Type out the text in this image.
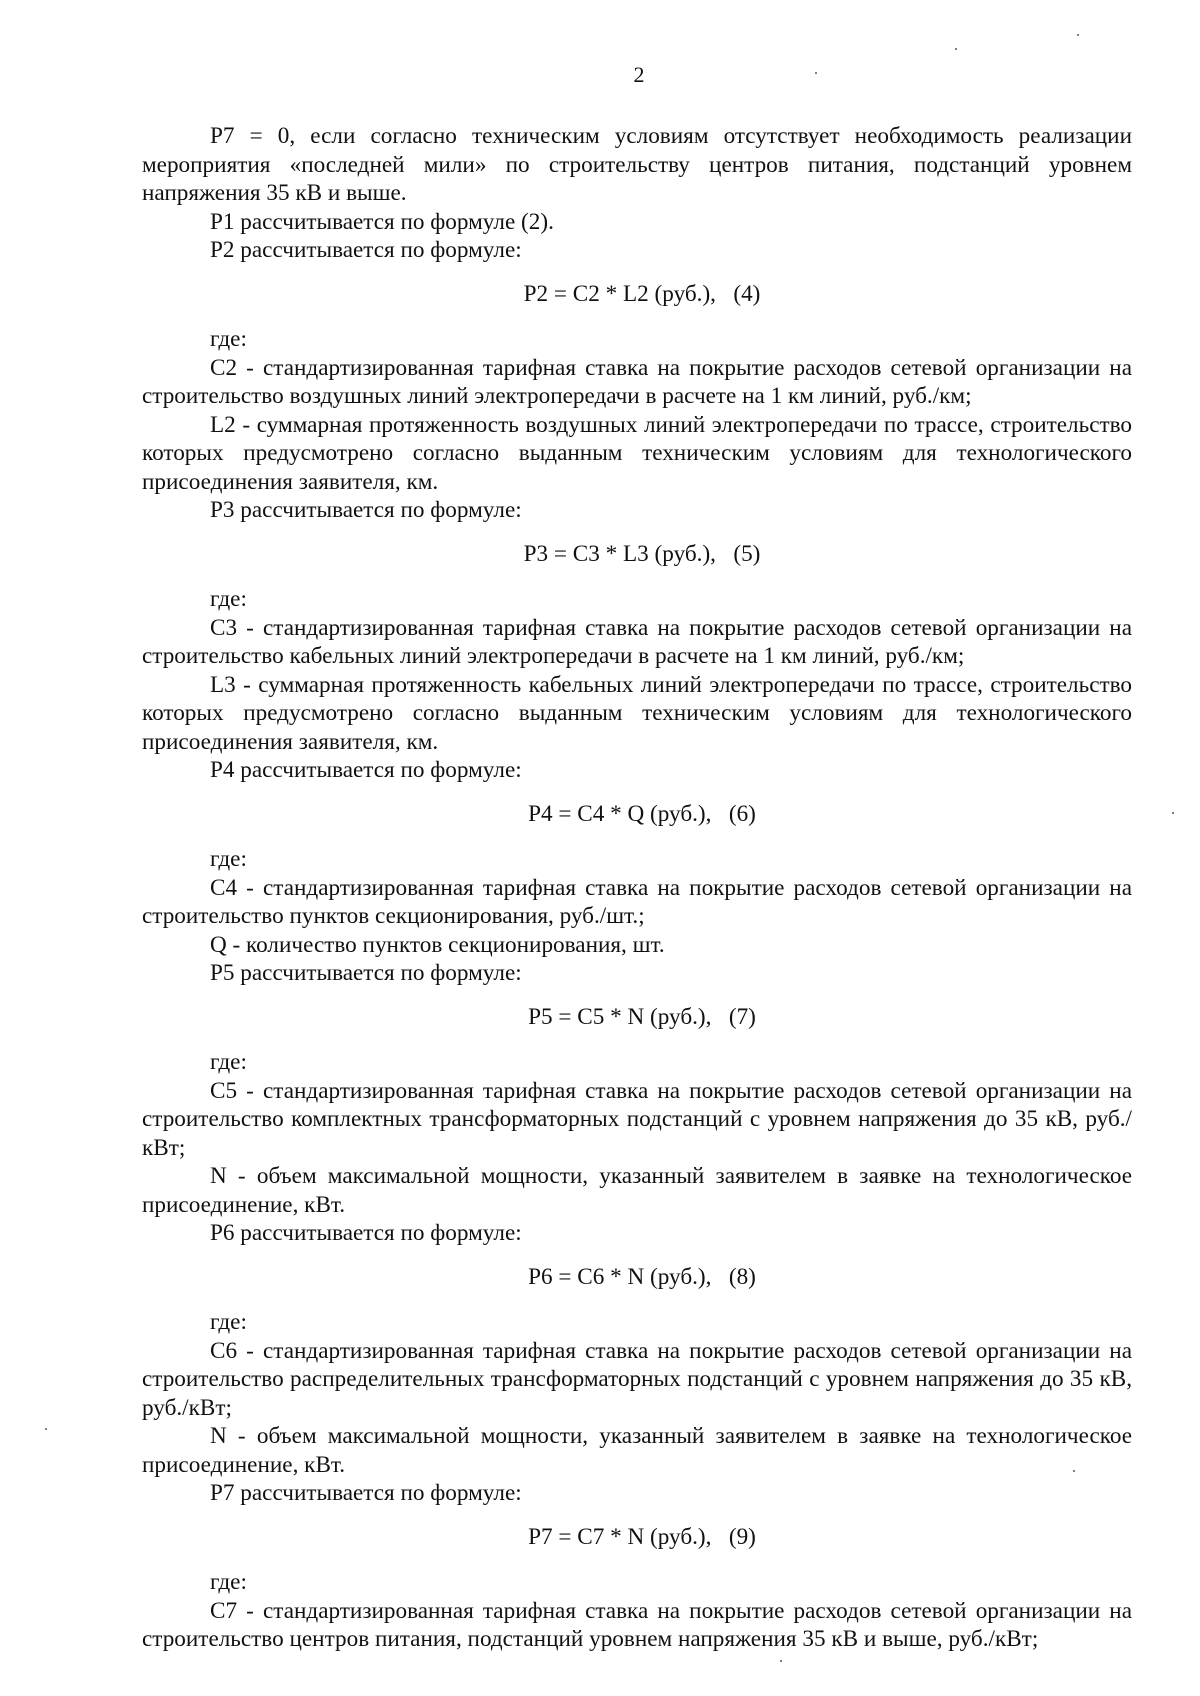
2

Р7 = 0, если согласно техническим условиям отсутствует необходимость реализации мероприятия «последней мили» по строительству центров питания, подстанций уровнем напряжения 35 кВ и выше.

Р1 рассчитывается по формуле (2).

Р2 рассчитывается по формуле:

Р2 = С2 * L2 (руб.),   (4)

где:

С2 - стандартизированная тарифная ставка на покрытие расходов сетевой организации на строительство воздушных линий электропередачи в расчете на 1 км линий, руб./км;

L2 - суммарная протяженность воздушных линий электропередачи по трассе, строительство которых предусмотрено согласно выданным техническим условиям для технологического присоединения заявителя, км.

Р3 рассчитывается по формуле:

Р3 = С3 * L3 (руб.),   (5)

где:

С3 - стандартизированная тарифная ставка на покрытие расходов сетевой организации на строительство кабельных линий электропередачи в расчете на 1 км линий, руб./км;

L3 - суммарная протяженность кабельных линий электропередачи по трассе, строительство которых предусмотрено согласно выданным техническим условиям для технологического присоединения заявителя, км.

Р4 рассчитывается по формуле:

Р4 = С4 * Q (руб.),   (6)

где:

С4 - стандартизированная тарифная ставка на покрытие расходов сетевой организации на строительство пунктов секционирования, руб./шт.;

Q - количество пунктов секционирования, шт.

Р5 рассчитывается по формуле:

Р5 = С5 * N (руб.),   (7)

где:

С5 - стандартизированная тарифная ставка на покрытие расходов сетевой организации на строительство комплектных трансформаторных подстанций с уровнем напряжения до 35 кВ, руб./кВт;

N - объем максимальной мощности, указанный заявителем в заявке на технологическое присоединение, кВт.

Р6 рассчитывается по формуле:

Р6 = С6 * N (руб.),   (8)

где:

С6 - стандартизированная тарифная ставка на покрытие расходов сетевой организации на строительство распределительных трансформаторных подстанций с уровнем напряжения до 35 кВ, руб./кВт;

N - объем максимальной мощности, указанный заявителем в заявке на технологическое присоединение, кВт.

Р7 рассчитывается по формуле:

Р7 = С7 * N (руб.),   (9)

где:

С7 - стандартизированная тарифная ставка на покрытие расходов сетевой организации на строительство центров питания, подстанций уровнем напряжения 35 кВ и выше, руб./кВт;
